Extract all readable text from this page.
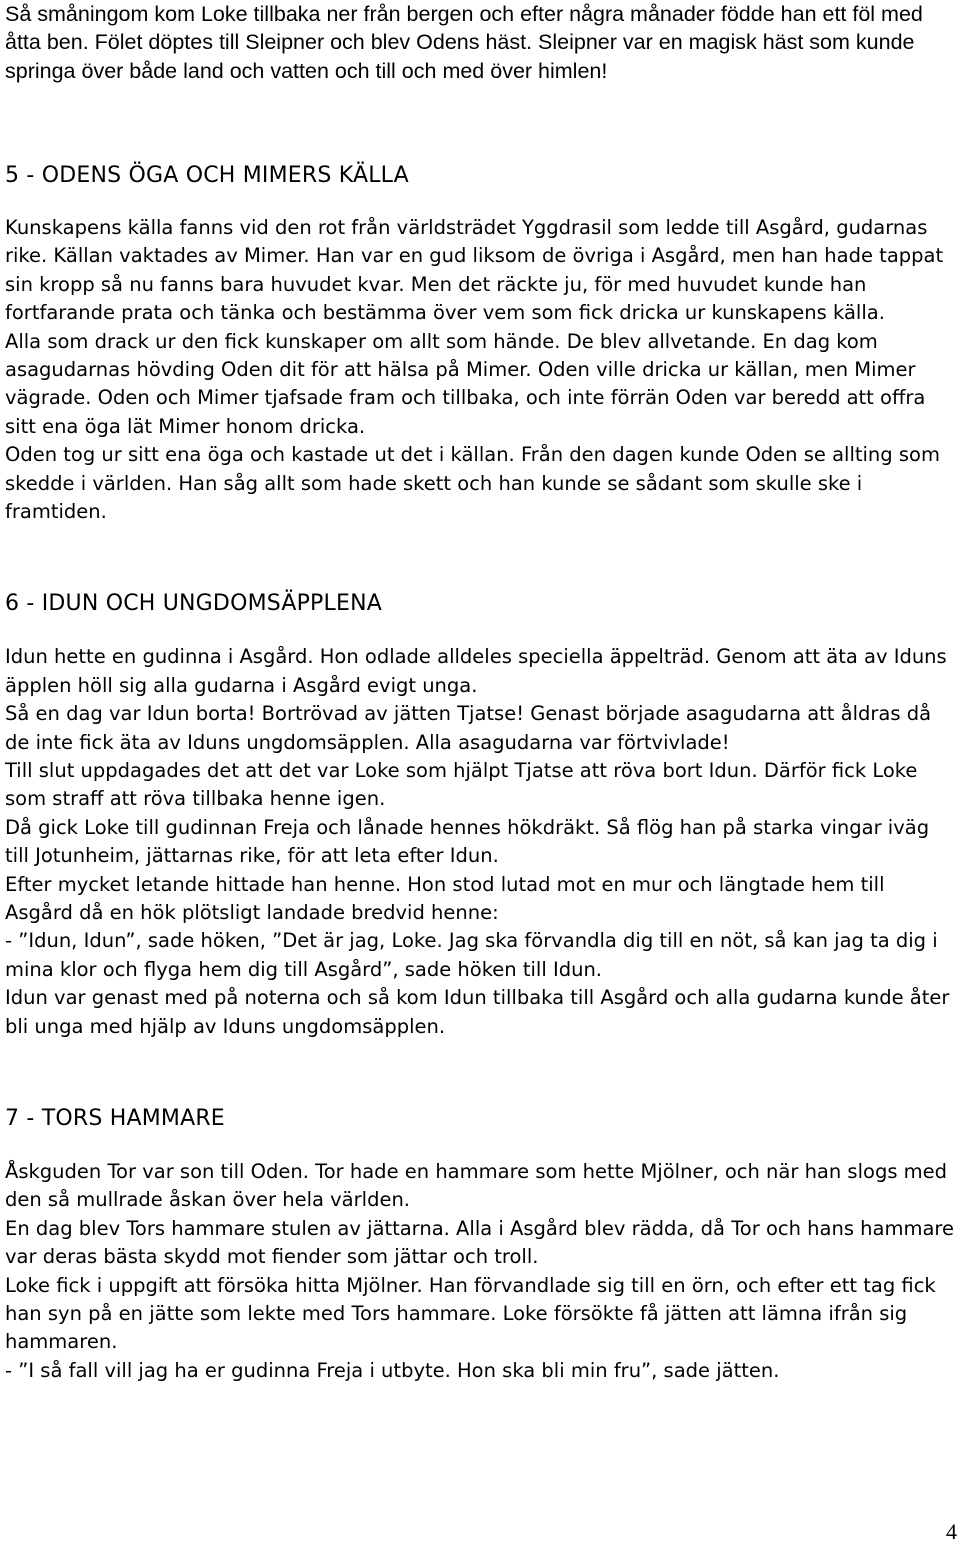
Så småningom kom Loke tillbaka ner från bergen och efter några månader födde han ett föl med åtta ben. Fölet döptes till Sleipner och blev Odens häst. Sleipner var en magisk häst som kunde springa över både land och vatten och till och med över himlen!

5 - ODENS ÖGA OCH MIMERS KÄLLA

Kunskapens källa fanns vid den rot från världsträdet Yggdrasil som ledde till Asgård, gudarnas rike. Källan vaktades av Mimer. Han var en gud liksom de övriga i Asgård, men han hade tappat sin kropp så nu fanns bara huvudet kvar. Men det räckte ju, för med huvudet kunde han fortfarande prata och tänka och bestämma över vem som fick dricka ur kunskapens källa.

Alla som drack ur den fick kunskaper om allt som hände. De blev allvetande. En dag kom asagudarnas hövding Oden dit för att hälsa på Mimer. Oden ville dricka ur källan, men Mimer vägrade. Oden och Mimer tjafsade fram och tillbaka, och inte förrän Oden var beredd att offra sitt ena öga lät Mimer honom dricka.

Oden tog ur sitt ena öga och kastade ut det i källan. Från den dagen kunde Oden se allting som skedde i världen. Han såg allt som hade skett och han kunde se sådant som skulle ske i framtiden.

6 - IDUN OCH UNGDOMSÄPPLENA

Idun hette en gudinna i Asgård. Hon odlade alldeles speciella äppelträd. Genom att äta av Iduns äpplen höll sig alla gudarna i Asgård evigt unga.

Så en dag var Idun borta! Bortrövad av jätten Tjatse! Genast började asagudarna att åldras då de inte fick äta av Iduns ungdomsäpplen. Alla asagudarna var förtvivlade!

Till slut uppdagades det att det var Loke som hjälpt Tjatse att röva bort Idun. Därför fick Loke som straff att röva tillbaka henne igen.

Då gick Loke till gudinnan Freja och lånade hennes hökdräkt. Så flög han på starka vingar iväg till Jotunheim, jättarnas rike, för att leta efter Idun.

Efter mycket letande hittade han henne. Hon stod lutad mot en mur och längtade hem till Asgård då en hök plötsligt landade bredvid henne:

- ”Idun, Idun”, sade höken, ”Det är jag, Loke. Jag ska förvandla dig till en nöt, så kan jag ta dig i mina klor och flyga hem dig till Asgård”, sade höken till Idun.

Idun var genast med på noterna och så kom Idun tillbaka till Asgård och alla gudarna kunde åter bli unga med hjälp av Iduns ungdomsäpplen.

7 - TORS HAMMARE

Åskguden Tor var son till Oden. Tor hade en hammare som hette Mjölner, och när han slogs med den så mullrade åskan över hela världen.

En dag blev Tors hammare stulen av jättarna. Alla i Asgård blev rädda, då Tor och hans hammare var deras bästa skydd mot fiender som jättar och troll.

Loke fick i uppgift att försöka hitta Mjölner. Han förvandlade sig till en örn, och efter ett tag fick han syn på en jätte som lekte med Tors hammare. Loke försökte få jätten att lämna ifrån sig hammaren.

- ”I så fall vill jag ha er gudinna Freja i utbyte. Hon ska bli min fru”, sade jätten.

4
